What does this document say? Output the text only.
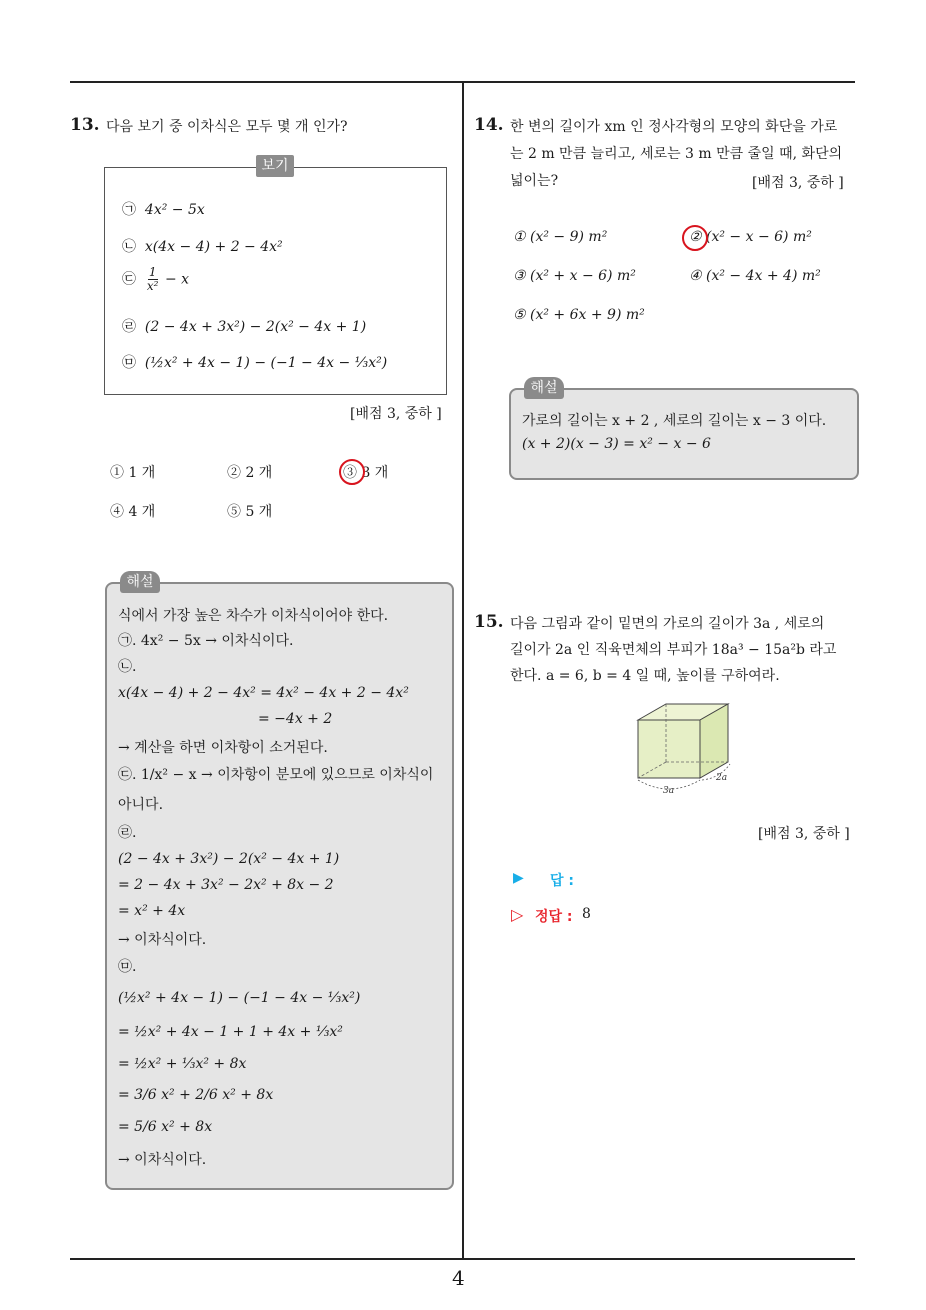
4
13. 다음 보기 중 이차식은 모두 몇 개 인가?
보기
㉠ 4x² − 5x
㉡ x(4x − 4) + 2 − 4x²
㉢ $\frac{1}{\text{x²}} - x$
㉣ (2 − 4x + 3x²) − 2(x² − 4x + 1)
㉤ (½x² + 4x − 1) − (−1 − 4x − ⅓x²)
[배점 3, 중하 ]
① 1 개	② 2 개	③ 3 개
④ 4 개	⑤ 5 개
해설
식에서 가장 높은 차수가 이차식이어야 한다.
㉠. 4x² − 5x → 이차식이다.
㉡.
x(4x − 4) + 2 − 4x² = 4x² − 4x + 2 − 4x²
= −4x + 2
→ 계산을 하면 이차항이 소거된다.
㉢. 1/x² − x → 이차항이 분모에 있으므로 이차식이
아니다.
㉣.
(2 − 4x + 3x²) − 2(x² − 4x + 1)
= 2 − 4x + 3x² − 2x² + 8x − 2
= x² + 4x
→ 이차식이다.
㉤.
(½x² + 4x − 1) − (−1 − 4x − ⅓x²)
= ½x² + 4x − 1 + 1 + 4x + ⅓x²
= ½x² + ⅓x² + 8x
= 3/6 x² + 2/6 x² + 8x
= 5/6 x² + 8x
→ 이차식이다.
14. 한 변의 길이가 xm 인 정사각형의 모양의 화단을 가로
는 2 m 만큼 늘리고, 세로는 3 m 만큼 줄일 때, 화단의
넓이는?	[배점 3, 중하 ]
① (x² − 9) m²	② (x² − x − 6) m²
③ (x² + x − 6) m²	④ (x² − 4x + 4) m²
⑤ (x² + 6x + 9) m²
해설
가로의 길이는 x + 2 , 세로의 길이는 x − 3 이다.
(x + 2)(x − 3) = x² − x − 6
15. 다음 그림과 같이 밑면의 가로의 길이가 3a , 세로의
길이가 2a 인 직육면체의 부피가 18a³ − 15a²b 라고
한다. a = 6, b = 4 일 때, 높이를 구하여라.
3a
2a
[배점 3, 중하 ]
▶ 답 :
▷ 정답 : 8
